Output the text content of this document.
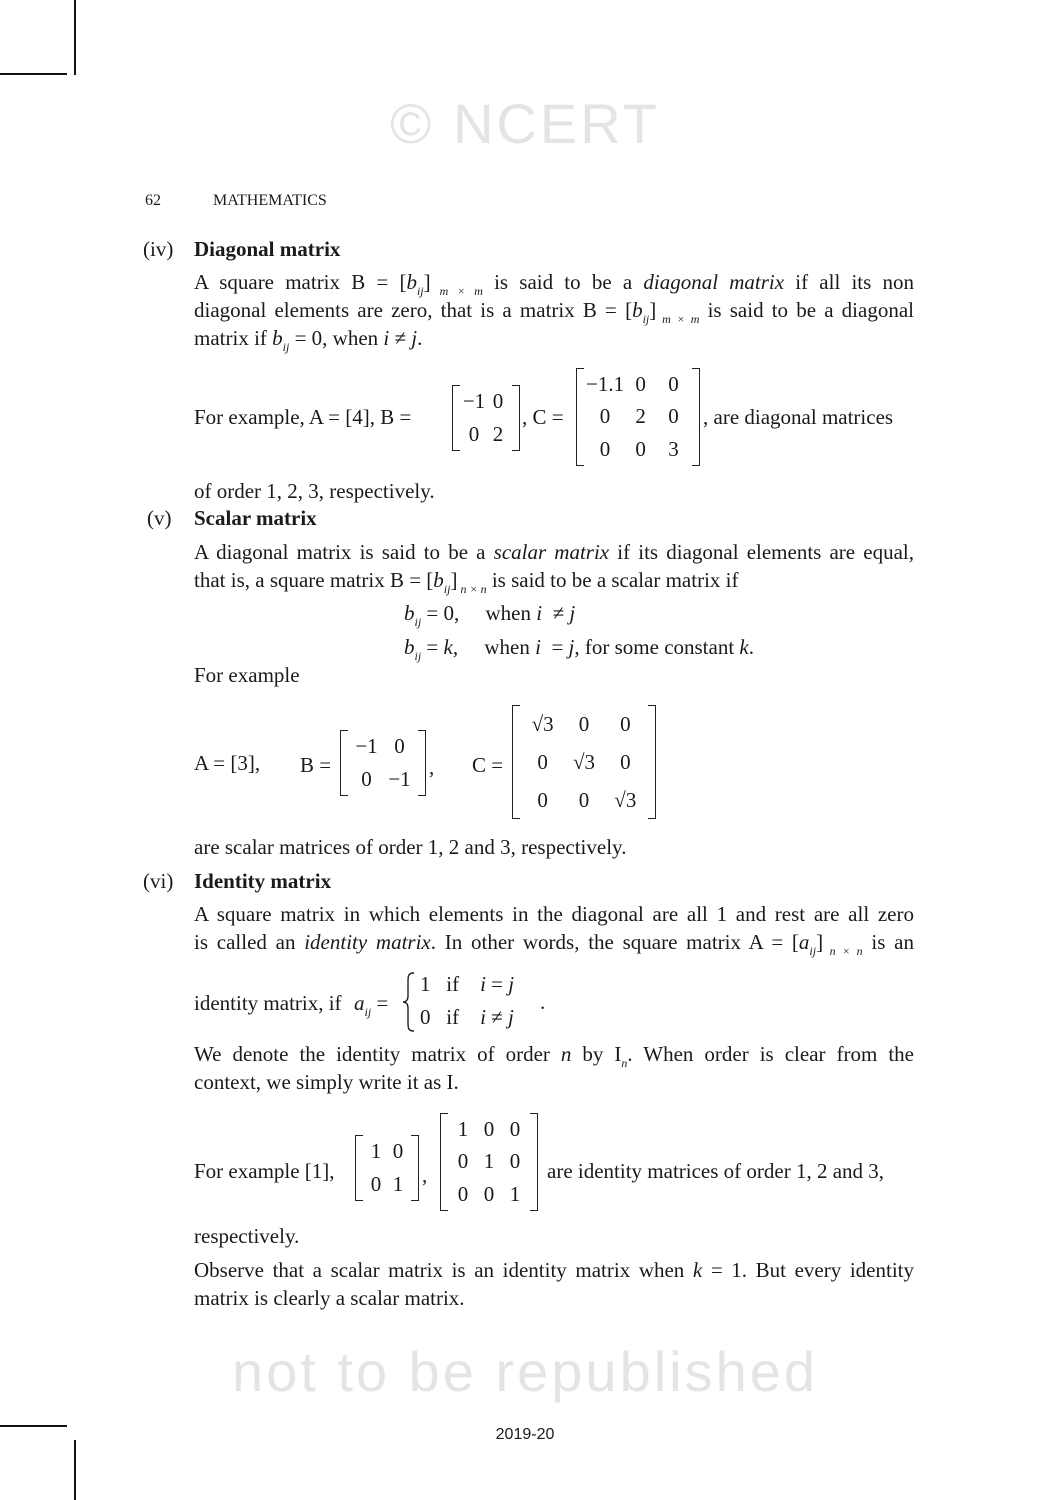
© NCERT
not to be republished
62	MATHEMATICS
(iv) Diagonal matrix
A square matrix $B = [b_{ij}]$ $_{m \times m}$ is said to be a diagonal matrix if all its non
diagonal elements are zero, that is a matrix $B = [b_{ij}]$ $_{m \times m}$ is said to be a diagonal
matrix if $b_{ij} = 0$, when i ≠ j.
For example, A = [4], B =
−1 0
0 2
, C =
−1.1 0	0
0	2	0
0	0	3
, are diagonal matrices
of order 1, 2, 3, respectively.
(v) Scalar matrix
A diagonal matrix is said to be a scalar matrix if its diagonal elements are equal,
that is, a square matrix $B = [b_{ij}]$ $_{n \times n}$ is said to be a scalar matrix if
$b_{ij} = 0$,     when i  ≠ j
$b_{ij} = k$,     when i  = j, for some constant k.
For example
A = [3], B =
−1 0
0 −1 , C =
√3	0	0
0	√3	0
0	0	√3
are scalar matrices of order 1, 2 and 3, respectively.
(vi) Identity matrix
A square matrix in which elements in the diagonal are all 1 and rest are all zero
is called an identity matrix. In other words, the square matrix $A = [a_{ij}]$ $_{n \times n}$ is an
identity matrix, if $a_{ij}$ =
1   if    i = j
0   if    i ≠ j
.
We denote the identity matrix of order n by $I_n$. When order is clear from the
context, we simply write it as I.
For example [1],
1 0
0 1 ,
1 0 0
0 1 0
0 0 1
are identity matrices of order 1, 2 and 3,
respectively.
Observe that a scalar matrix is an identity matrix when k = 1. But every identity
matrix is clearly a scalar matrix.
2019-20
